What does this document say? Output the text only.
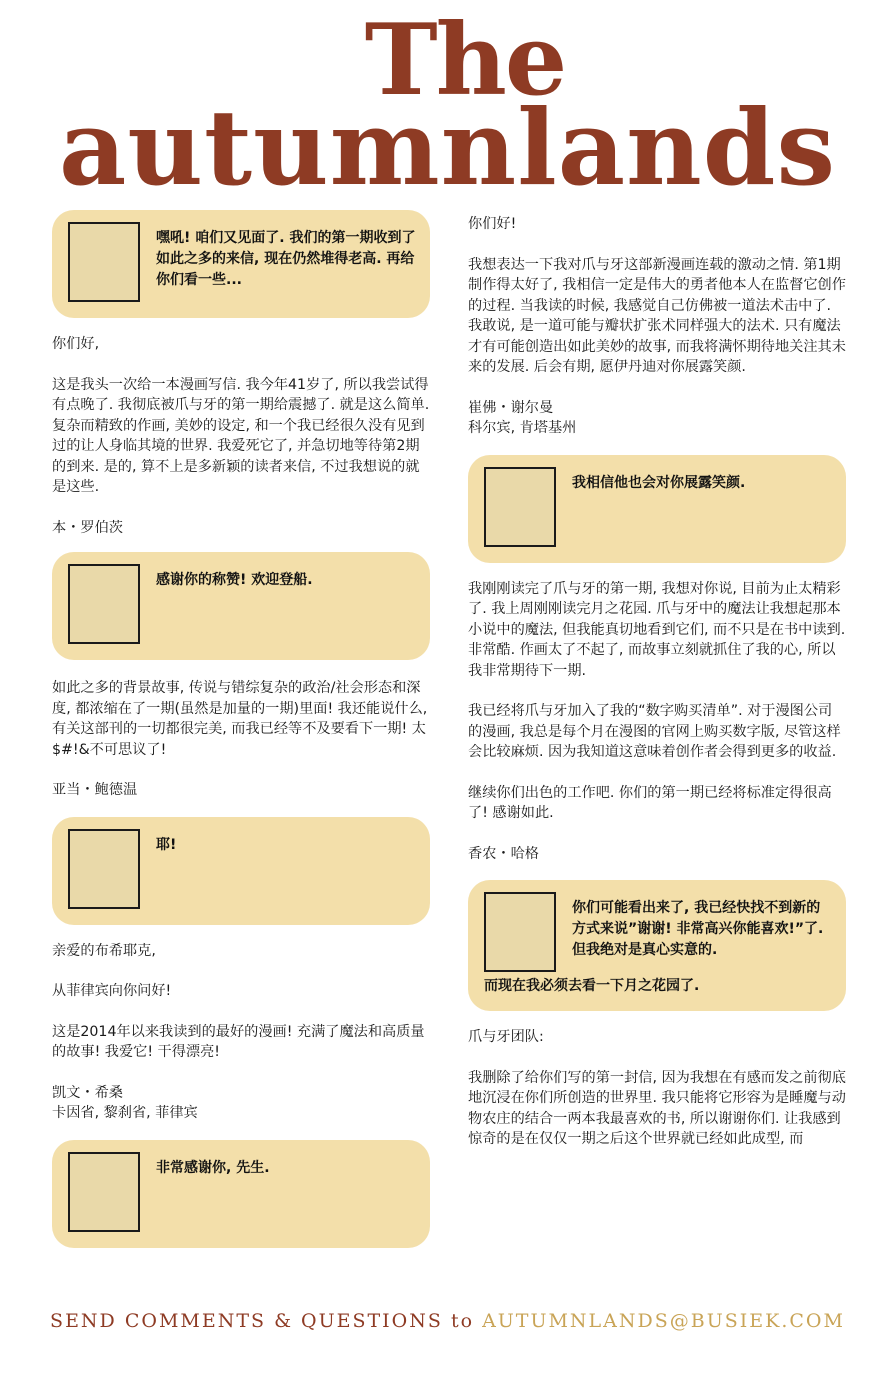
The
autumnlands
嘿吼! 咱们又见面了. 我们的第一期收到了如此之多的来信, 现在仍然堆得老高. 再给你们看一些...

你们好,

这是我头一次给一本漫画写信. 我今年41岁了, 所以我尝试得有点晚了. 我彻底被爪与牙的第一期给震撼了. 就是这么简单. 复杂而精致的作画, 美妙的设定, 和一个我已经很久没有见到过的让人身临其境的世界. 我爱死它了, 并急切地等待第2期的到来. 是的, 算不上是多新颖的读者来信, 不过我想说的就是这些.

本・罗伯茨

感谢你的称赞! 欢迎登船.

如此之多的背景故事, 传说与错综复杂的政治/社会形态和深度, 都浓缩在了一期(虽然是加量的一期)里面! 我还能说什么, 有关这部刊的一切都很完美, 而我已经等不及要看下一期! 太$#!&不可思议了!

亚当・鲍德温

耶!

亲爱的布希耶克,

从菲律宾向你问好!

这是2014年以来我读到的最好的漫画! 充满了魔法和高质量的故事! 我爱它! 干得漂亮!

凯文・希桑
卡因省, 黎刹省, 菲律宾

非常感谢你, 先生.

你们好!

我想表达一下我对爪与牙这部新漫画连载的激动之情. 第1期制作得太好了, 我相信一定是伟大的勇者他本人在监督它创作的过程. 当我读的时候, 我感觉自己仿佛被一道法术击中了. 我敢说, 是一道可能与瓣状扩张术同样强大的法术. 只有魔法才有可能创造出如此美妙的故事, 而我将满怀期待地关注其未来的发展. 后会有期, 愿伊丹迪对你展露笑颜.

崔佛・谢尔曼
科尔宾, 肯塔基州

我相信他也会对你展露笑颜.

我刚刚读完了爪与牙的第一期, 我想对你说, 目前为止太精彩了. 我上周刚刚读完月之花园. 爪与牙中的魔法让我想起那本小说中的魔法, 但我能真切地看到它们, 而不只是在书中读到. 非常酷. 作画太了不起了, 而故事立刻就抓住了我的心, 所以我非常期待下一期.

我已经将爪与牙加入了我的“数字购买清单”. 对于漫图公司的漫画, 我总是每个月在漫图的官网上购买数字版, 尽管这样会比较麻烦. 因为我知道这意味着创作者会得到更多的收益.

继续你们出色的工作吧. 你们的第一期已经将标准定得很高了! 感谢如此.

香农・哈格

你们可能看出来了, 我已经快找不到新的方式来说”谢谢! 非常高兴你能喜欢!”了. 但我绝对是真心实意的.
而现在我必须去看一下月之花园了.

爪与牙团队:

我删除了给你们写的第一封信, 因为我想在有感而发之前彻底地沉浸在你们所创造的世界里. 我只能将它形容为是睡魔与动物农庄的结合一两本我最喜欢的书, 所以谢谢你们. 让我感到惊奇的是在仅仅一期之后这个世界就已经如此成型, 而

SEND COMMENTS & QUESTIONS to AUTUMNLANDS@BUSIEK.COM
